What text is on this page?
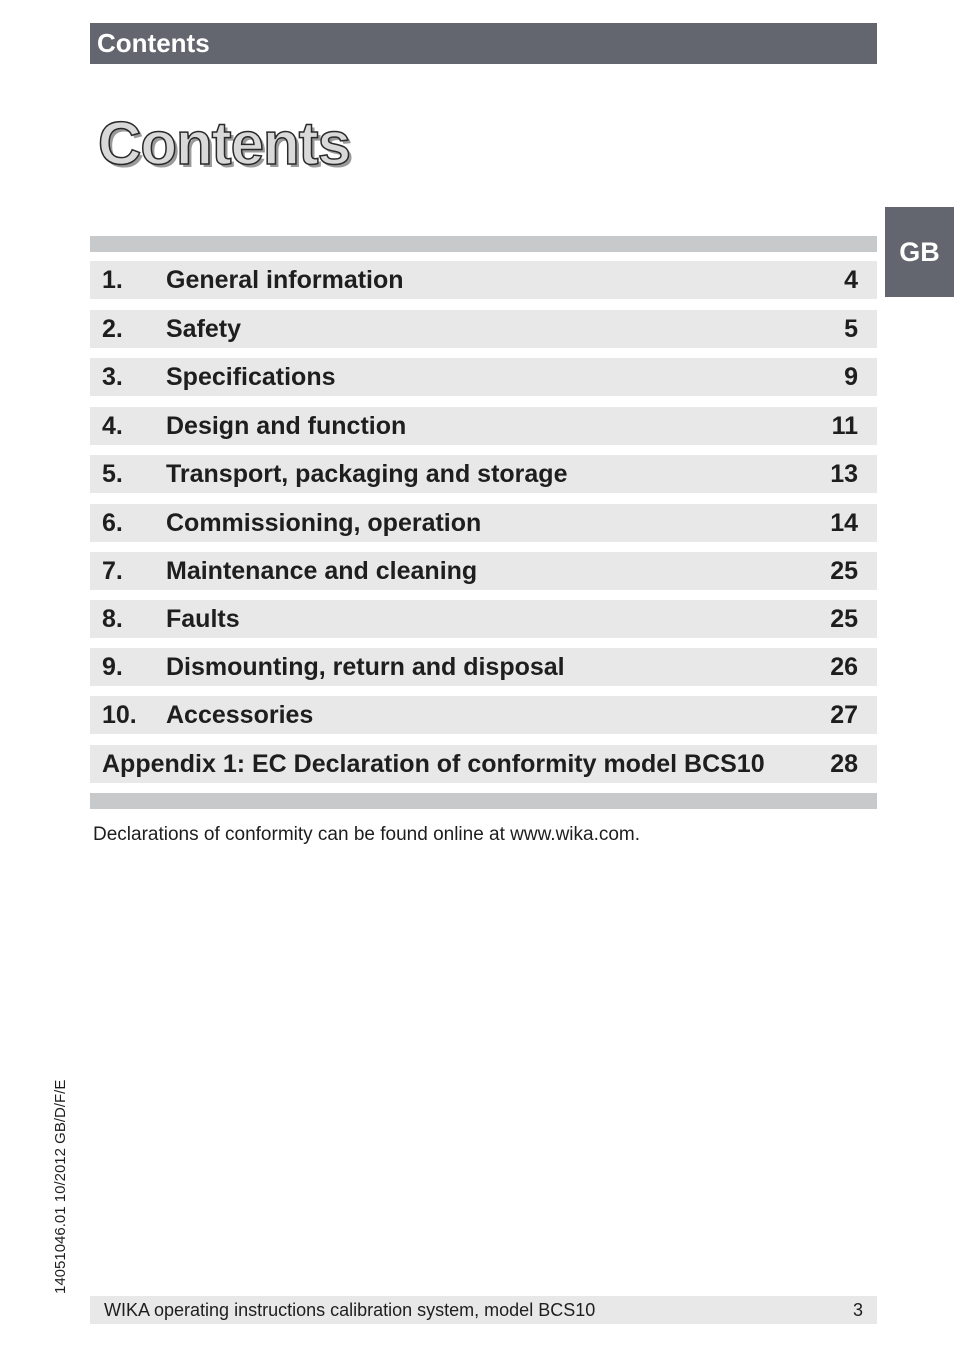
Contents
Contents
GB
1. General information	4
2. Safety	5
3. Specifications	9
4. Design and function	11
5. Transport, packaging and storage	13
6. Commissioning, operation	14
7. Maintenance and cleaning	25
8. Faults	25
9. Dismounting, return and disposal	26
10. Accessories	27
Appendix 1: EC Declaration of conformity model BCS10	28
Declarations of conformity can be found online at www.wika.com.
14051046.01 10/2012 GB/D/F/E
WIKA operating instructions calibration system, model BCS10	3
